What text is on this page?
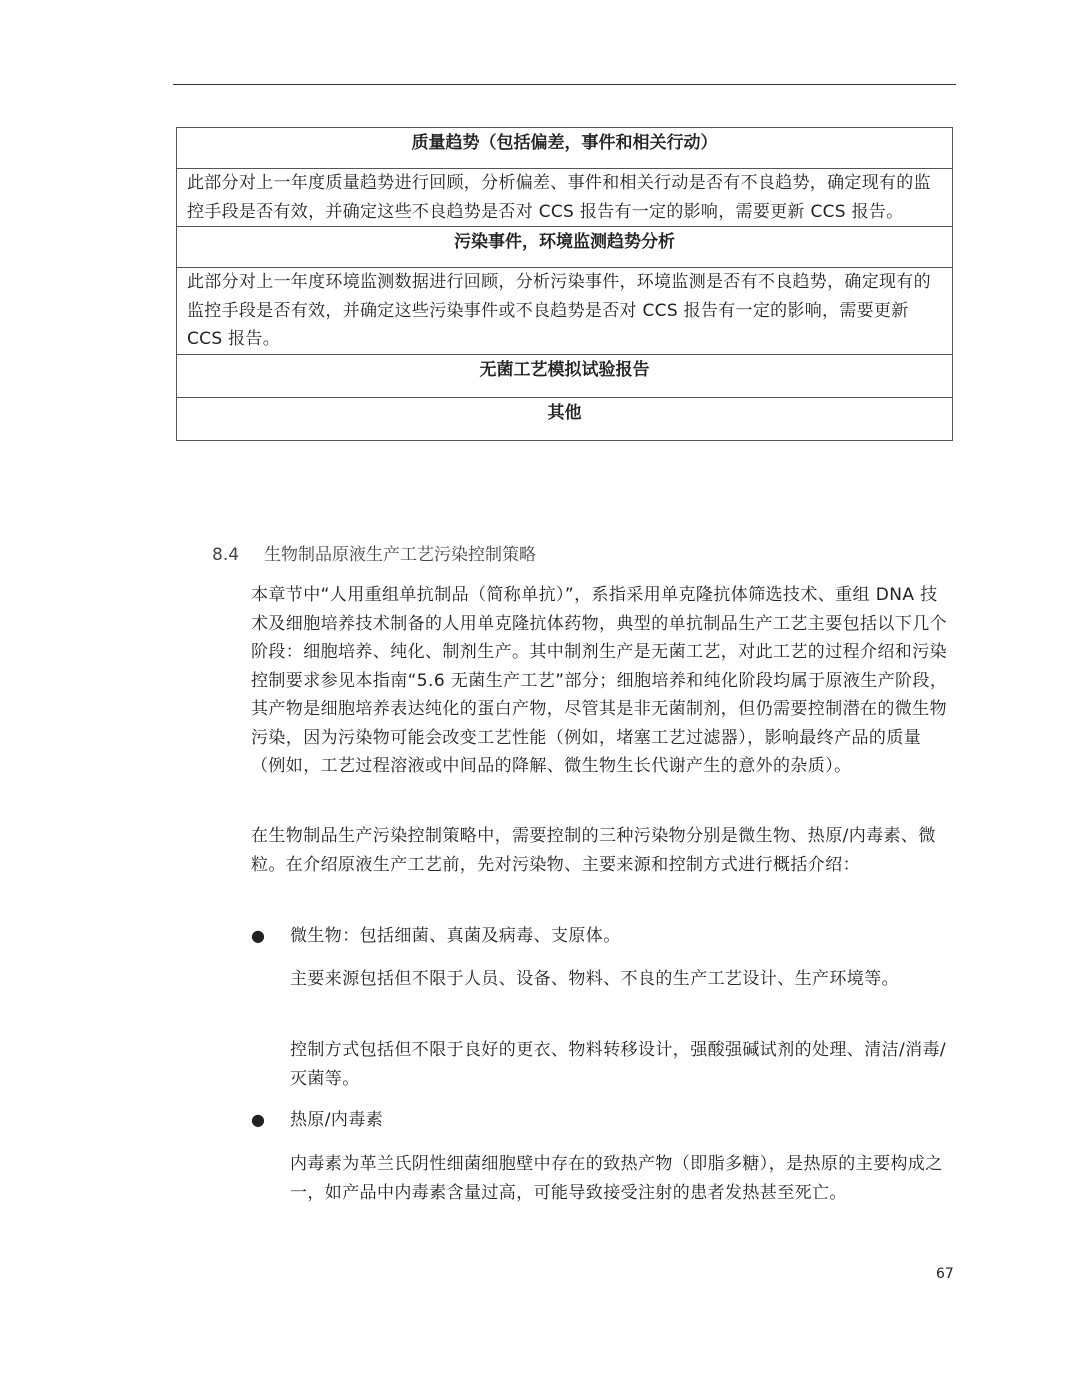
质量趋势（包括偏差，事件和相关行动）
此部分对上一年度质量趋势进行回顾，分析偏差、事件和相关行动是否有不良趋势，确定现有的监控手段是否有效，并确定这些不良趋势是否对 CCS 报告有一定的影响，需要更新 CCS 报告。
污染事件，环境监测趋势分析
此部分对上一年度环境监测数据进行回顾，分析污染事件，环境监测是否有不良趋势，确定现有的监控手段是否有效，并确定这些污染事件或不良趋势是否对 CCS 报告有一定的影响，需要更新 CCS 报告。
无菌工艺模拟试验报告
其他
8.4 生物制品原液生产工艺污染控制策略

本章节中“人用重组单抗制品（简称单抗）”，系指采用单克隆抗体筛选技术、重组 DNA 技术及细胞培养技术制备的人用单克隆抗体药物，典型的单抗制品生产工艺主要包括以下几个阶段：细胞培养、纯化、制剂生产。其中制剂生产是无菌工艺，对此工艺的过程介绍和污染控制要求参见本指南“5.6 无菌生产工艺”部分；细胞培养和纯化阶段均属于原液生产阶段，其产物是细胞培养表达纯化的蛋白产物，尽管其是非无菌制剂，但仍需要控制潜在的微生物污染，因为污染物可能会改变工艺性能（例如，堵塞工艺过滤器），影响最终产品的质量（例如，工艺过程溶液或中间品的降解、微生物生长代谢产生的意外的杂质）。

在生物制品生产污染控制策略中，需要控制的三种污染物分别是微生物、热原/内毒素、微粒。在介绍原液生产工艺前，先对污染物、主要来源和控制方式进行概括介绍：

● 微生物：包括细菌、真菌及病毒、支原体。

主要来源包括但不限于人员、设备、物料、不良的生产工艺设计、生产环境等。

控制方式包括但不限于良好的更衣、物料转移设计，强酸强碱试剂的处理、清洁/消毒/灭菌等。

● 热原/内毒素

内毒素为革兰氏阴性细菌细胞壁中存在的致热产物（即脂多糖），是热原的主要构成之一，如产品中内毒素含量过高，可能导致接受注射的患者发热甚至死亡。

67
